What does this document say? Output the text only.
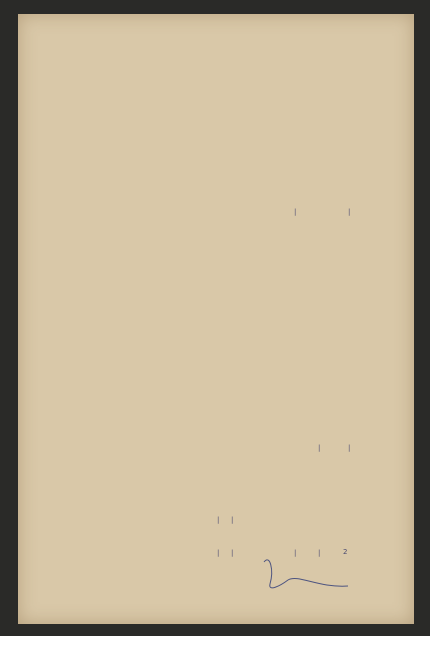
|	|
|	|
| |
| |	|	|	2
